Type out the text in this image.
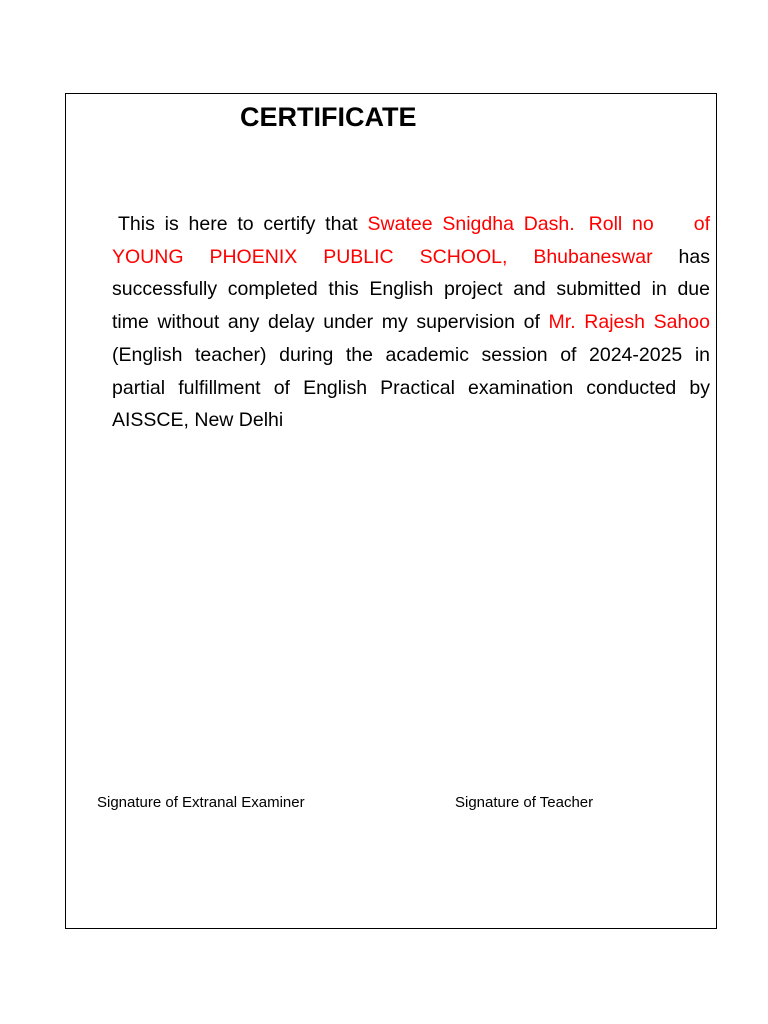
CERTIFICATE
This is here to certify that Swatee Snigdha Dash. Roll no of YOUNG PHOENIX PUBLIC SCHOOL, Bhubaneswar has successfully completed this English project and submitted in due time without any delay under my supervision of Mr. Rajesh Sahoo (English teacher) during the academic session of 2024-2025 in partial fulfillment of English Practical examination conducted by AISSCE, New Delhi
Signature of Extranal Examiner	Signature of Teacher
